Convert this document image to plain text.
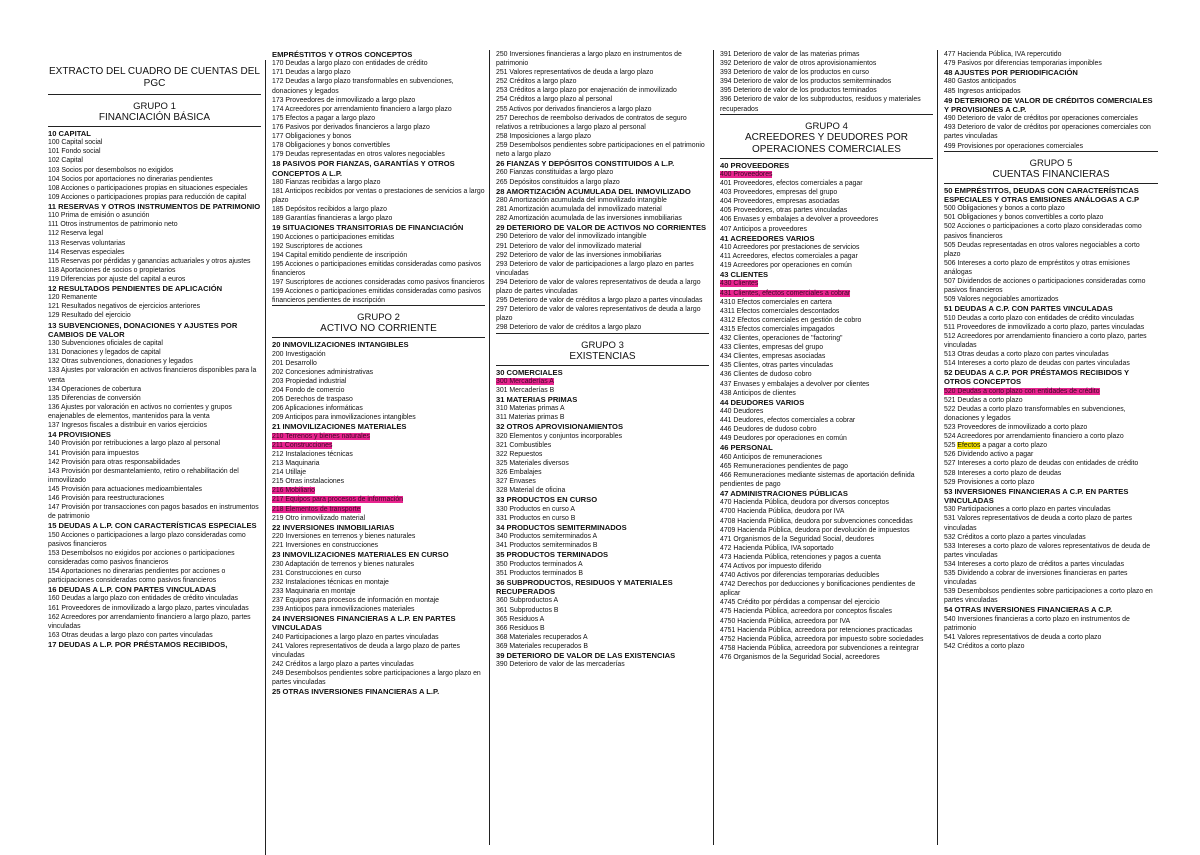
EXTRACTO DEL CUADRO DE CUENTAS DEL PGC
GRUPO 1
FINANCIACIÓN BÁSICA
10 CAPITAL
100 Capital social
101 Fondo social
102 Capital
103 Socios por desembolsos no exigidos
104 Socios por aportaciones no dinerarias pendientes
108 Acciones o participaciones propias en situaciones especiales
109 Acciones o participaciones propias para reducción de capital
11 RESERVAS Y OTROS INSTRUMENTOS DE PATRIMONIO
110 Prima de emisión o asunción
111 Otros instrumentos de patrimonio neto
112 Reserva legal
113 Reservas voluntarias
114 Reservas especiales
115 Reservas por pérdidas y ganancias actuariales y otros ajustes
118 Aportaciones de socios o propietarios
119 Diferencias por ajuste del capital a euros
12 RESULTADOS PENDIENTES DE APLICACIÓN
120 Remanente
121 Resultados negativos de ejercicios anteriores
129 Resultado del ejercicio
13 SUBVENCIONES, DONACIONES Y AJUSTES POR CAMBIOS DE VALOR
130 Subvenciones oficiales de capital
131 Donaciones y legados de capital
132 Otras subvenciones, donaciones y legados
133 Ajustes por valoración en activos financieros disponibles para la venta
134 Operaciones de cobertura
135 Diferencias de conversión
136 Ajustes por valoración en activos no corrientes y grupos enajenables de elementos, mantenidos para la venta
137 Ingresos fiscales a distribuir en varios ejercicios
14 PROVISIONES
140 Provisión por retribuciones a largo plazo al personal
141 Provisión para impuestos
142 Provisión para otras responsabilidades
143 Provisión por desmantelamiento, retiro o rehabilitación del inmovilizado
145 Provisión para actuaciones medioambientales
146 Provisión para reestructuraciones
147 Provisión por transacciones con pagos basados en instrumentos de patrimonio
15 DEUDAS A L.P. CON CARACTERÍSTICAS ESPECIALES
150 Acciones o participaciones a largo plazo consideradas como pasivos financieros
153 Desembolsos no exigidos por acciones o participaciones consideradas como pasivos financieros
154 Aportaciones no dinerarias pendientes por acciones o participaciones consideradas como pasivos financieros
16 DEUDAS A L.P. CON PARTES VINCULADAS
160 Deudas a largo plazo con entidades de crédito vinculadas
161 Proveedores de inmovilizado a largo plazo, partes vinculadas
162 Acreedores por arrendamiento financiero a largo plazo, partes vinculadas
163 Otras deudas a largo plazo con partes vinculadas
17 DEUDAS A L.P. POR PRÉSTAMOS RECIBIDOS,
EMPRÉSTITOS Y OTROS CONCEPTOS
170 Deudas a largo plazo con entidades de crédito
171 Deudas a largo plazo
172 Deudas a largo plazo transformables en subvenciones, donaciones y legados
173 Proveedores de inmovilizado a largo plazo
174 Acreedores por arrendamiento financiero a largo plazo
175 Efectos a pagar a largo plazo
176 Pasivos por derivados financieros a largo plazo
177 Obligaciones y bonos
178 Obligaciones y bonos convertibles
179 Deudas representadas en otros valores negociables
18 PASIVOS POR FIANZAS, GARANTÍAS Y OTROS CONCEPTOS A L.P.
180 Fianzas recibidas a largo plazo
181 Anticipos recibidos por ventas o prestaciones de servicios a largo plazo
185 Depósitos recibidos a largo plazo
189 Garantías financieras a largo plazo
19 SITUACIONES TRANSITORIAS DE FINANCIACIÓN
190 Acciones o participaciones emitidas
192 Suscriptores de acciones
194 Capital emitido pendiente de inscripción
195 Acciones o participaciones emitidas consideradas como pasivos financieros
197 Suscriptores de acciones consideradas como pasivos financieros
199 Acciones o participaciones emitidas consideradas como pasivos financieros pendientes de inscripción
GRUPO 2
ACTIVO NO CORRIENTE
20 INMOVILIZACIONES INTANGIBLES
200 Investigación
201 Desarrollo
202 Concesiones administrativas
203 Propiedad industrial
204 Fondo de comercio
205 Derechos de traspaso
206 Aplicaciones informáticas
209 Anticipos para inmovilizaciones intangibles
21 INMOVILIZACIONES MATERIALES
210 Terrenos y bienes naturales
211 Construcciones
212 Instalaciones técnicas
213 Maquinaria
214 Utillaje
215 Otras instalaciones
216 Mobiliario
217 Equipos para procesos de información
218 Elementos de transporte
219 Otro inmovilizado material
22 INVERSIONES INMOBILIARIAS
220 Inversiones en terrenos y bienes naturales
221 Inversiones en construcciones
23 INMOVILIZACIONES MATERIALES EN CURSO
230 Adaptación de terrenos y bienes naturales
231 Construcciones en curso
232 Instalaciones técnicas en montaje
233 Maquinaria en montaje
237 Equipos para procesos de información en montaje
239 Anticipos para inmovilizaciones materiales
24 INVERSIONES FINANCIERAS A L.P. EN PARTES VINCULADAS
240 Participaciones a largo plazo en partes vinculadas
241 Valores representativos de deuda a largo plazo de partes vinculadas
242 Créditos a largo plazo a partes vinculadas
249 Desembolsos pendientes sobre participaciones a largo plazo en partes vinculadas
25 OTRAS INVERSIONES FINANCIERAS A L.P.
250 Inversiones financieras a largo plazo en instrumentos de patrimonio
251 Valores representativos de deuda a largo plazo
252 Créditos a largo plazo
253 Créditos a largo plazo por enajenación de inmovilizado
254 Créditos a largo plazo al personal
255 Activos por derivados financieros a largo plazo
257 Derechos de reembolso derivados de contratos de seguro relativos a retribuciones a largo plazo al personal
258 Imposiciones a largo plazo
259 Desembolsos pendientes sobre participaciones en el patrimonio neto a largo plazo
26 FIANZAS Y DEPÓSITOS CONSTITUIDOS A L.P.
260 Fianzas constituidas a largo plazo
265 Depósitos constituidos a largo plazo
28 AMORTIZACIÓN ACUMULADA DEL INMOVILIZADO
280 Amortización acumulada del inmovilizado intangible
281 Amortización acumulada del inmovilizado material
282 Amortización acumulada de las inversiones inmobiliarias
29 DETERIORO DE VALOR DE ACTIVOS NO CORRIENTES
290 Deterioro de valor del inmovilizado intangible
291 Deterioro de valor del inmovilizado material
292 Deterioro de valor de las inversiones inmobiliarias
293 Deterioro de valor de participaciones a largo plazo en partes vinculadas
294 Deterioro de valor de valores representativos de deuda a largo plazo de partes vinculadas
295 Deterioro de valor de créditos a largo plazo a partes vinculadas
297 Deterioro de valor de valores representativos de deuda a largo plazo
298 Deterioro de valor de créditos a largo plazo
GRUPO 3
EXISTENCIAS
30 COMERCIALES
300 Mercaderías A
301 Mercaderías B
31 MATERIAS PRIMAS
310 Materias primas A
311 Materias primas B
32 OTROS APROVISIONAMIENTOS
320 Elementos y conjuntos incorporables
321 Combustibles
322 Repuestos
325 Materiales diversos
326 Embalajes
327 Envases
328 Material de oficina
33 PRODUCTOS EN CURSO
330 Productos en curso A
331 Productos en curso B
34 PRODUCTOS SEMITERMINADOS
340 Productos semiterminados A
341 Productos semiterminados B
35 PRODUCTOS TERMINADOS
350 Productos terminados A
351 Productos terminados B
36 SUBPRODUCTOS, RESIDUOS Y MATERIALES RECUPERADOS
360 Subproductos A
361 Subproductos B
365 Residuos A
366 Residuos B
368 Materiales recuperados A
369 Materiales recuperados B
39 DETERIORO DE VALOR DE LAS EXISTENCIAS
390 Deterioro de valor de las mercaderías
391 Deterioro de valor de las materias primas
392 Deterioro de valor de otros aprovisionamientos
393 Deterioro de valor de los productos en curso
394 Deterioro de valor de los productos semiterminados
395 Deterioro de valor de los productos terminados
396 Deterioro de valor de los subproductos, residuos y materiales recuperados
GRUPO 4
ACREEDORES Y DEUDORES POR OPERACIONES COMERCIALES
40 PROVEEDORES
400 Proveedores
401 Proveedores, efectos comerciales a pagar
403 Proveedores, empresas del grupo
404 Proveedores, empresas asociadas
405 Proveedores, otras partes vinculadas
406 Envases y embalajes a devolver a proveedores
407 Anticipos a proveedores
41 ACREEDORES VARIOS
410 Acreedores por prestaciones de servicios
411 Acreedores, efectos comerciales a pagar
419 Acreedores por operaciones en común
43 CLIENTES
430 Clientes
431 Clientes, efectos comerciales a cobrar
4310 Efectos comerciales en cartera
4311 Efectos comerciales descontados
4312 Efectos comerciales en gestión de cobro
4315 Efectos comerciales impagados
432 Clientes, operaciones de "factoring"
433 Clientes, empresas del grupo
434 Clientes, empresas asociadas
435 Clientes, otras partes vinculadas
436 Clientes de dudoso cobro
437 Envases y embalajes a devolver por clientes
438 Anticipos de clientes
44 DEUDORES VARIOS
440 Deudores
441 Deudores, efectos comerciales a cobrar
446 Deudores de dudoso cobro
449 Deudores por operaciones en común
46 PERSONAL
460 Anticipos de remuneraciones
465 Remuneraciones pendientes de pago
466 Remuneraciones mediante sistemas de aportación definida pendientes de pago
47 ADMINISTRACIONES PÚBLICAS
470 Hacienda Pública, deudora por diversos conceptos
4700 Hacienda Pública, deudora por IVA
4708 Hacienda Pública, deudora por subvenciones concedidas
4709 Hacienda Pública, deudora por devolución de impuestos
471 Organismos de la Seguridad Social, deudores
472 Hacienda Pública, IVA soportado
473 Hacienda Pública, retenciones y pagos a cuenta
474 Activos por impuesto diferido
4740 Activos por diferencias temporarias deducibles
4742 Derechos por deducciones y bonificaciones pendientes de aplicar
4745 Crédito por pérdidas a compensar del ejercicio
475 Hacienda Pública, acreedora por conceptos fiscales
4750 Hacienda Pública, acreedora por IVA
4751 Hacienda Pública, acreedora por retenciones practicadas
4752 Hacienda Pública, acreedora por impuesto sobre sociedades
4758 Hacienda Pública, acreedora por subvenciones a reintegrar
476 Organismos de la Seguridad Social, acreedores
477 Hacienda Pública, IVA repercutido
479 Pasivos por diferencias temporarias imponibles
48 AJUSTES POR PERIODIFICACIÓN
480 Gastos anticipados
485 Ingresos anticipados
49 DETERIORO DE VALOR DE CRÉDITOS COMERCIALES Y PROVISIONES A C.P.
490 Deterioro de valor de créditos por operaciones comerciales
493 Deterioro de valor de créditos por operaciones comerciales con partes vinculadas
499 Provisiones por operaciones comerciales
GRUPO 5
CUENTAS FINANCIERAS
50 EMPRÉSTITOS, DEUDAS CON CARACTERÍSTICAS ESPECIALES Y OTRAS EMISIONES ANÁLOGAS A C.P
500 Obligaciones y bonos a corto plazo
501 Obligaciones y bonos convertibles a corto plazo
502 Acciones o participaciones a corto plazo consideradas como pasivos financieros
505 Deudas representadas en otros valores negociables a corto plazo
506 Intereses a corto plazo de empréstitos y otras emisiones análogas
507 Dividendos de acciones o participaciones consideradas como pasivos financieros
509 Valores negociables amortizados
51 DEUDAS A C.P. CON PARTES VINCULADAS
510 Deudas a corto plazo con entidades de crédito vinculadas
511 Proveedores de inmovilizado a corto plazo, partes vinculadas
512 Acreedores por arrendamiento financiero a corto plazo, partes vinculadas
513 Otras deudas a corto plazo con partes vinculadas
514 Intereses a corto plazo de deudas con partes vinculadas
52 DEUDAS A C.P. POR PRÉSTAMOS RECIBIDOS Y OTROS CONCEPTOS
520 Deudas a corto plazo con entidades de crédito
521 Deudas a corto plazo
522 Deudas a corto plazo transformables en subvenciones, donaciones y legados
523 Proveedores de inmovilizado a corto plazo
524 Acreedores por arrendamiento financiero a corto plazo
525 Efectos a pagar a corto plazo
526 Dividendo activo a pagar
527 Intereses a corto plazo de deudas con entidades de crédito
528 Intereses a corto plazo de deudas
529 Provisiones a corto plazo
53 INVERSIONES FINANCIERAS A C.P. EN PARTES VINCULADAS
530 Participaciones a corto plazo en partes vinculadas
531 Valores representativos de deuda a corto plazo de partes vinculadas
532 Créditos a corto plazo a partes vinculadas
533 Intereses a corto plazo de valores representativos de deuda de partes vinculadas
534 Intereses a corto plazo de créditos a partes vinculadas
535 Dividendo a cobrar de inversiones financieras en partes vinculadas
539 Desembolsos pendientes sobre participaciones a corto plazo en partes vinculadas
54 OTRAS INVERSIONES FINANCIERAS A C.P.
540 Inversiones financieras a corto plazo en instrumentos de patrimonio
541 Valores representativos de deuda a corto plazo
542 Créditos a corto plazo
